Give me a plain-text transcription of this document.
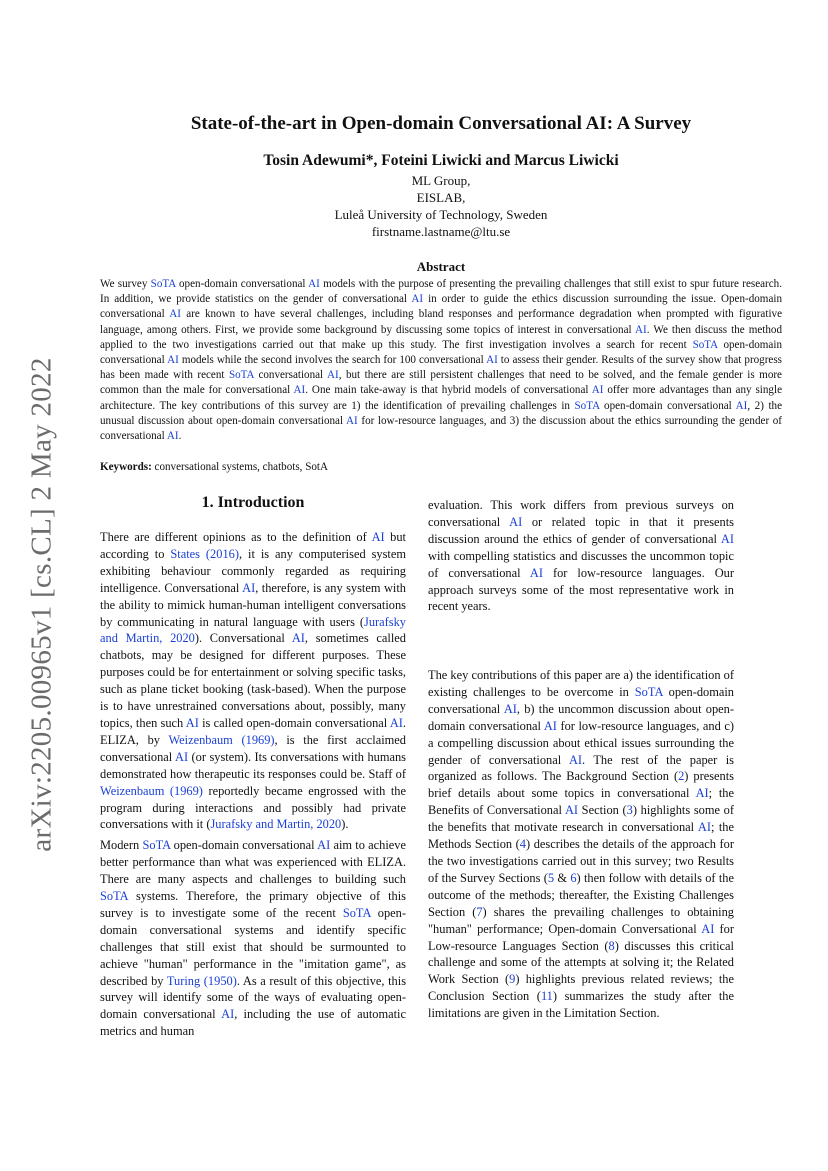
arXiv:2205.00965v1 [cs.CL] 2 May 2022
State-of-the-art in Open-domain Conversational AI: A Survey
Tosin Adewumi*, Foteini Liwicki and Marcus Liwicki
ML Group,
EISLAB,
Luleå University of Technology, Sweden
firstname.lastname@ltu.se
Abstract

We survey SoTA open-domain conversational AI models with the purpose of presenting the prevailing challenges that still exist to spur future research. In addition, we provide statistics on the gender of conversational AI in order to guide the ethics discussion surrounding the issue. Open-domain conversational AI are known to have several challenges, including bland responses and performance degradation when prompted with figurative language, among others. First, we provide some background by discussing some topics of interest in conversational AI. We then discuss the method applied to the two investigations carried out that make up this study. The first investigation involves a search for recent SoTA open-domain conversational AI models while the second involves the search for 100 conversational AI to assess their gender. Results of the survey show that progress has been made with recent SoTA conversational AI, but there are still persistent challenges that need to be solved, and the female gender is more common than the male for conversational AI. One main take-away is that hybrid models of conversational AI offer more advantages than any single architecture. The key contributions of this survey are 1) the identification of prevailing challenges in SoTA open-domain conversational AI, 2) the unusual discussion about open-domain conversational AI for low-resource languages, and 3) the discussion about the ethics surrounding the gender of conversational AI.

Keywords: conversational systems, chatbots, SotA
1. Introduction

There are different opinions as to the definition of AI but according to States (2016), it is any computerised system exhibiting behaviour commonly regarded as requiring intelligence. Conversational AI, therefore, is any system with the ability to mimick human-human intelligent conversations by communicating in natural language with users (Jurafsky and Martin, 2020). Conversational AI, sometimes called chatbots, may be designed for different purposes. These purposes could be for entertainment or solving specific tasks, such as plane ticket booking (task-based). When the purpose is to have unrestrained conversations about, possibly, many topics, then such AI is called open-domain conversational AI. ELIZA, by Weizenbaum (1969), is the first acclaimed conversational AI (or system). Its conversations with humans demonstrated how therapeutic its responses could be. Staff of Weizenbaum (1969) reportedly became engrossed with the program during interactions and possibly had private conversations with it (Jurafsky and Martin, 2020).

Modern SoTA open-domain conversational AI aim to achieve better performance than what was experienced with ELIZA. There are many aspects and challenges to building such SoTA systems. Therefore, the primary objective of this survey is to investigate some of the recent SoTA open-domain conversational systems and identify specific challenges that still exist that should be surmounted to achieve "human" performance in the "imitation game", as described by Turing (1950). As a result of this objective, this survey will identify some of the ways of evaluating open-domain conversational AI, including the use of automatic metrics and human

evaluation. This work differs from previous surveys on conversational AI or related topic in that it presents discussion around the ethics of gender of conversational AI with compelling statistics and discusses the uncommon topic of conversational AI for low-resource languages. Our approach surveys some of the most representative work in recent years.

The key contributions of this paper are a) the identification of existing challenges to be overcome in SoTA open-domain conversational AI, b) the uncommon discussion about open-domain conversational AI for low-resource languages, and c) a compelling discussion about ethical issues surrounding the gender of conversational AI. The rest of the paper is organized as follows. The Background Section (2) presents brief details about some topics in conversational AI; the Benefits of Conversational AI Section (3) highlights some of the benefits that motivate research in conversational AI; the Methods Section (4) describes the details of the approach for the two investigations carried out in this survey; two Results of the Survey Sections (5 & 6) then follow with details of the outcome of the methods; thereafter, the Existing Challenges Section (7) shares the prevailing challenges to obtaining "human" performance; Open-domain Conversational AI for Low-resource Languages Section (8) discusses this critical challenge and some of the attempts at solving it; the Related Work Section (9) highlights previous related reviews; the Conclusion Section (11) summarizes the study after the limitations are given in the Limitation Section.
